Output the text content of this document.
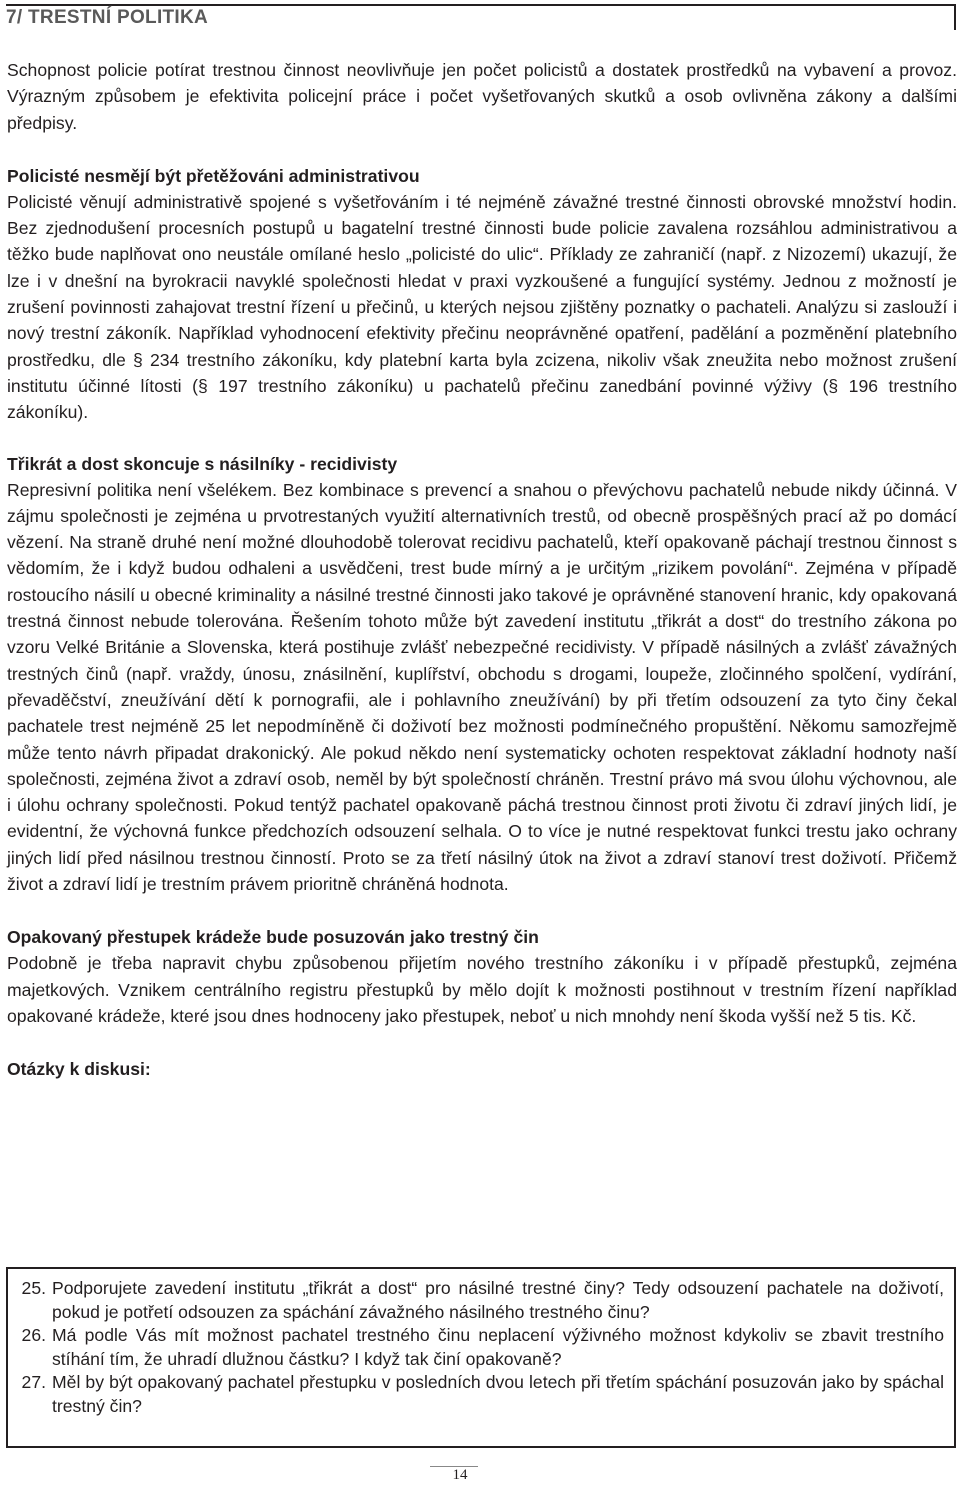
7/ TRESTNÍ POLITIKA

Schopnost policie potírat trestnou činnost neovlivňuje jen počet policistů a dostatek prostředků na vybavení a provoz. Výrazným způsobem je efektivita policejní práce i počet vyšetřovaných skutků a osob ovlivněna zákony a dalšími předpisy.

Policisté nesmějí být přetěžováni administrativou

Policisté věnují administrativě spojené s vyšetřováním i té nejméně závažné trestné činnosti obrovské množství hodin. Bez zjednodušení procesních postupů u bagatelní trestné činnosti bude policie zavalena rozsáhlou administrativou a těžko bude naplňovat ono neustále omílané heslo „policisté do ulic“. Příklady ze zahraničí (např. z Nizozemí) ukazují, že lze i v dnešní na byrokracii navyklé společnosti hledat v praxi vyzkoušené a fungující systémy. Jednou z možností je zrušení povinnosti zahajovat trestní řízení u přečinů, u kterých nejsou zjištěny poznatky o pachateli. Analýzu si zaslouží i nový trestní zákoník. Například vyhodnocení efektivity přečinu neoprávněné opatření, padělání a pozměnění platebního prostředku, dle § 234 trestního zákoníku, kdy platební karta byla zcizena, nikoliv však zneužita nebo možnost zrušení institutu účinné lítosti (§ 197 trestního zákoníku) u pachatelů přečinu zanedbání povinné výživy (§ 196 trestního zákoníku).

Třikrát a dost skoncuje s násilníky - recidivisty

Represivní politika není všelékem. Bez kombinace s prevencí a snahou o převýchovu pachatelů nebude nikdy účinná. V zájmu společnosti je zejména u prvotrestaných využití alternativních trestů, od obecně prospěšných prací až po domácí vězení. Na straně druhé není možné dlouhodobě tolerovat recidivu pachatelů, kteří opakovaně páchají trestnou činnost s vědomím, že i když budou odhaleni a usvědčeni, trest bude mírný a je určitým „rizikem povolání“. Zejména v případě rostoucího násilí u obecné kriminality a násilné trestné činnosti jako takové je oprávněné stanovení hranic, kdy opakovaná trestná činnost nebude tolerována. Řešením tohoto může být zavedení institutu „třikrát a dost“ do trestního zákona po vzoru Velké Británie a Slovenska, která postihuje zvlášť nebezpečné recidivisty. V případě násilných a zvlášť závažných trestných činů (např. vraždy, únosu, znásilnění, kuplířství, obchodu s drogami, loupeže, zločinného spolčení, vydírání, převaděčství, zneužívání dětí k pornografii, ale i pohlavního zneužívání) by při třetím odsouzení za tyto činy čekal pachatele trest nejméně 25 let nepodmíněně či doživotí bez možnosti podmínečného propuštění. Někomu samozřejmě může tento návrh připadat drakonický. Ale pokud někdo není systematicky ochoten respektovat základní hodnoty naší společnosti, zejména život a zdraví osob, neměl by být společností chráněn. Trestní právo má svou úlohu výchovnou, ale i úlohu ochrany společnosti. Pokud tentýž pachatel opakovaně páchá trestnou činnost proti životu či zdraví jiných lidí, je evidentní, že výchovná funkce předchozích odsouzení selhala. O to více je nutné respektovat funkci trestu jako ochrany jiných lidí před násilnou trestnou činností. Proto se za třetí násilný útok na život a zdraví stanoví trest doživotí. Přičemž život a zdraví lidí je trestním právem prioritně chráněná hodnota.

Opakovaný přestupek krádeže bude posuzován jako trestný čin

Podobně je třeba napravit chybu způsobenou přijetím nového trestního zákoníku i v případě přestupků, zejména majetkových. Vznikem centrálního registru přestupků by mělo dojít k možnosti postihnout v trestním řízení například opakované krádeže, které jsou dnes hodnoceny jako přestupek, neboť u nich mnohdy není škoda vyšší než 5 tis. Kč.

Otázky k diskusi:
25. Podporujete zavedení institutu „třikrát a dost“ pro násilné trestné činy? Tedy odsouzení pachatele na doživotí, pokud je potřetí odsouzen za spáchání závažného násilného trestného činu?
26. Má podle Vás mít možnost pachatel trestného činu neplacení výživného možnost kdykoliv se zbavit trestního stíhání tím, že uhradí dlužnou částku? I když tak činí opakovaně?
27. Měl by být opakovaný pachatel přestupku v posledních dvou letech při třetím spáchání posuzován jako by spáchal trestný čin?
14
